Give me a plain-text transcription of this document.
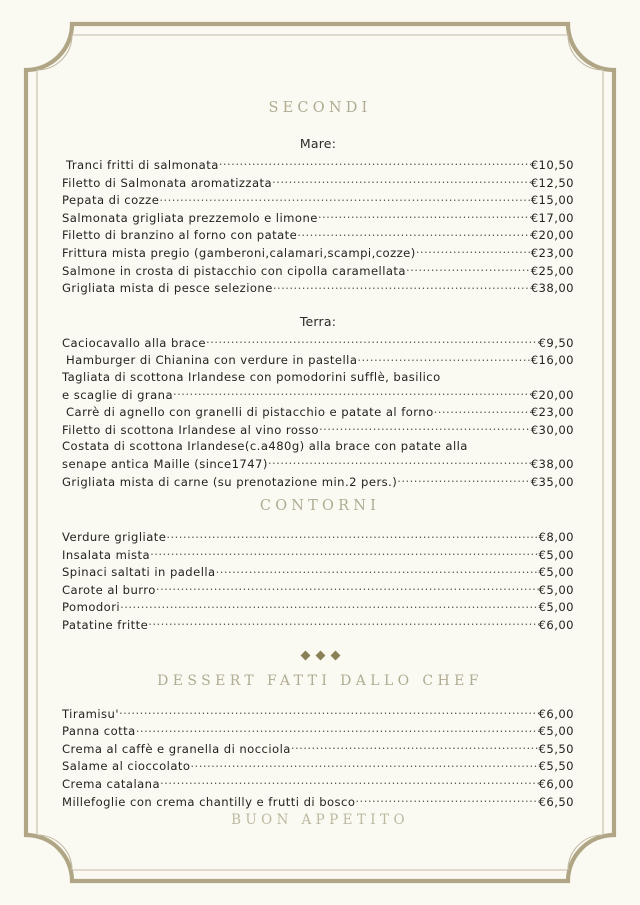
SECONDI
Mare:
Tranci fritti di salmonata .....	€10,50
Filetto di Salmonata aromatizzata .....	€12,50
Pepata di cozze .....	€15,00
Salmonata grigliata prezzemolo e limone .....	€17,00
Filetto di branzino al forno con patate .....	€20,00
Frittura mista pregio (gamberoni,calamari,scampi,cozze) .....	€23,00
Salmone in crosta di pistacchio con cipolla caramellata .....	€25,00
Grigliata mista di pesce selezione .....	€38,00
Terra:
Caciocavallo alla brace .....	€9,50
Hamburger di Chianina con verdure in pastella .....	€16,00
Tagliata di scottona Irlandese con pomodorini sufflè, basilico
e scaglie di grana .....	€20,00
Carrè di agnello con granelli di pistacchio e patate al forno .....	€23,00
Filetto di scottona Irlandese al vino rosso .....	€30,00
Costata di scottona Irlandese(c.a480g) alla brace con patate alla
senape antica Maille (since1747) .....	€38,00
Grigliata mista di carne (su prenotazione min.2 pers.) .....	€35,00
CONTORNI
Verdure grigliate .....	€8,00
Insalata mista .....	€5,00
Spinaci saltati in padella .....	€5,00
Carote al burro .....	€5,00
Pomodori .....	€5,00
Patatine fritte .....	€6,00
DESSERT FATTI DALLO CHEF
Tiramisu' .....	€6,00
Panna cotta .....	€5,00
Crema al caffè e granella di nocciola .....	€5,50
Salame al cioccolato .....	€5,50
Crema catalana .....	€6,00
Millefoglie con crema chantilly e frutti di bosco .....	€6,50
BUON APPETITO
